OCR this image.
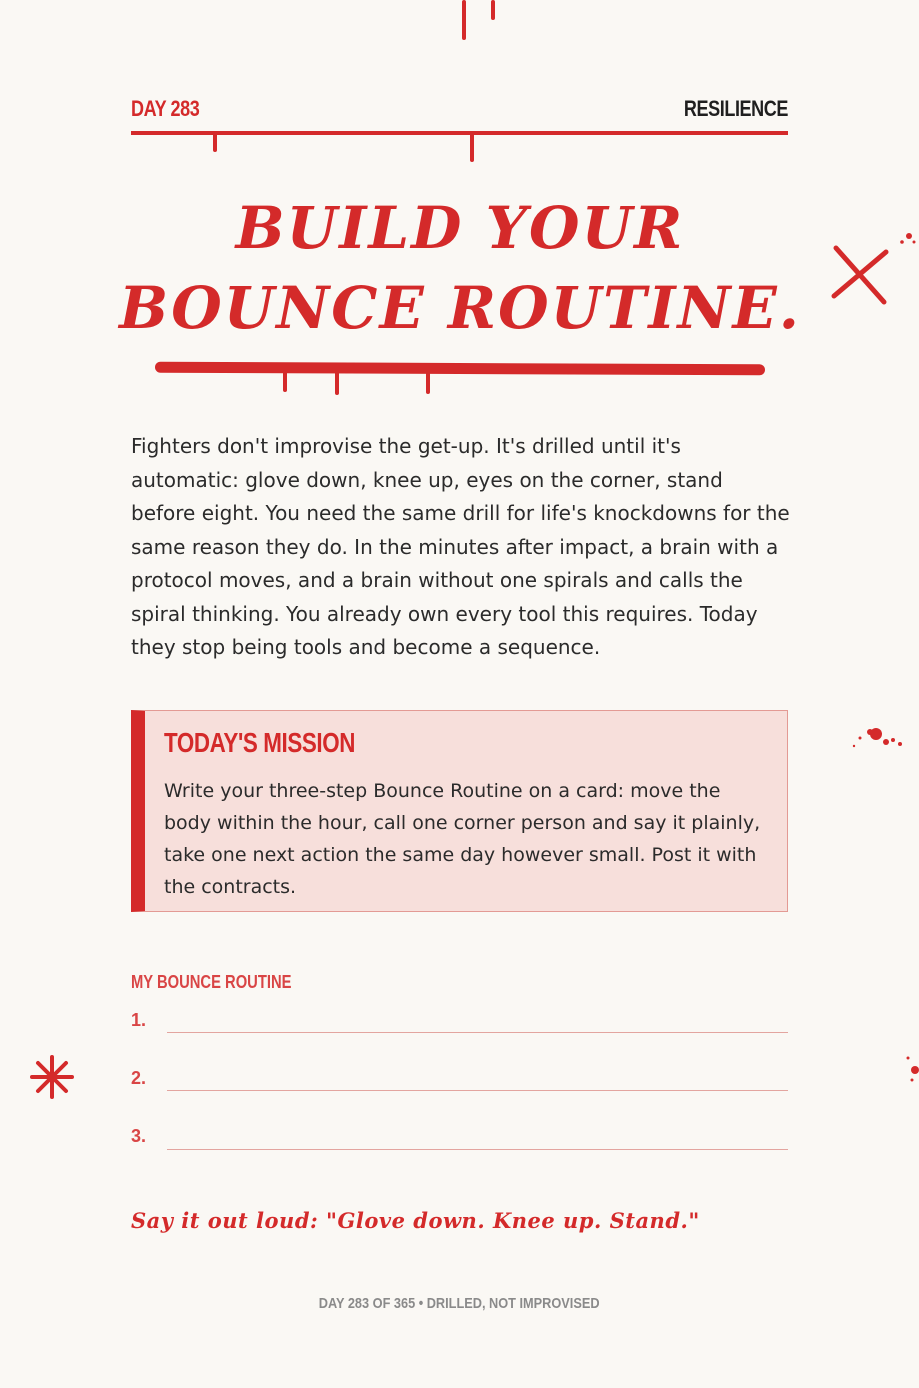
DAY 283	RESILIENCE
BUILD YOUR
BOUNCE ROUTINE.
Fighters don't improvise the get-up. It's drilled until it's automatic: glove down, knee up, eyes on the corner, stand before eight. You need the same drill for life's knockdowns for the same reason they do. In the minutes after impact, a brain with a protocol moves, and a brain without one spirals and calls the spiral thinking. You already own every tool this requires. Today they stop being tools and become a sequence.
TODAY'S MISSION
Write your three-step Bounce Routine on a card: move the body within the hour, call one corner person and say it plainly, take one next action the same day however small. Post it with the contracts.
MY BOUNCE ROUTINE
1.
2.
3.
Say it out loud: "Glove down. Knee up. Stand."
DAY 283 OF 365 • DRILLED, NOT IMPROVISED
